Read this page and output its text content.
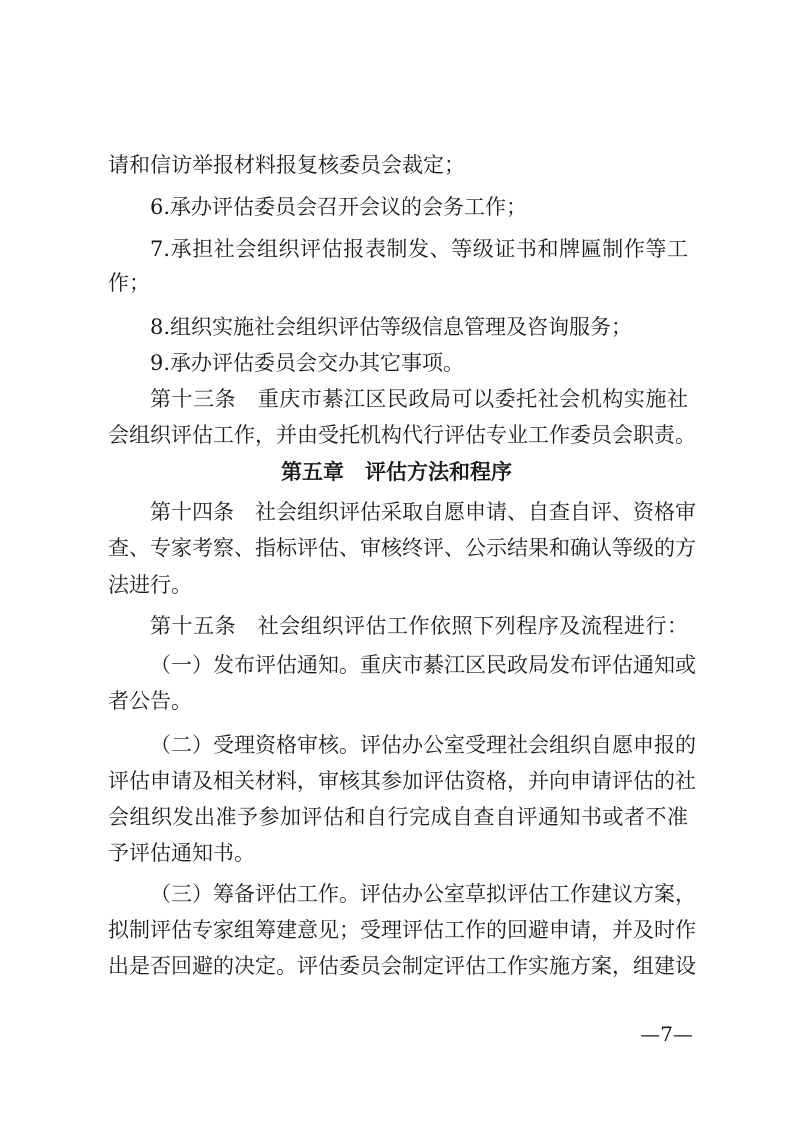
请和信访举报材料报复核委员会裁定；
6.承办评估委员会召开会议的会务工作；
7.承担社会组织评估报表制发、等级证书和牌匾制作等工
作；
8.组织实施社会组织评估等级信息管理及咨询服务；
9.承办评估委员会交办其它事项。
第十三条　重庆市綦江区民政局可以委托社会机构实施社
会组织评估工作，并由受托机构代行评估专业工作委员会职责。
第十四条　社会组织评估采取自愿申请、自查自评、资格审
查、专家考察、指标评估、审核终评、公示结果和确认等级的方
法进行。
第十五条　社会组织评估工作依照下列程序及流程进行：
（一）发布评估通知。重庆市綦江区民政局发布评估通知或
者公告。
（二）受理资格审核。评估办公室受理社会组织自愿申报的
评估申请及相关材料，审核其参加评估资格，并向申请评估的社
会组织发出准予参加评估和自行完成自查自评通知书或者不准
予评估通知书。
（三）筹备评估工作。评估办公室草拟评估工作建议方案，
拟制评估专家组筹建意见；受理评估工作的回避申请，并及时作
出是否回避的决定。评估委员会制定评估工作实施方案，组建设
第五章　评估方法和程序
—7—
